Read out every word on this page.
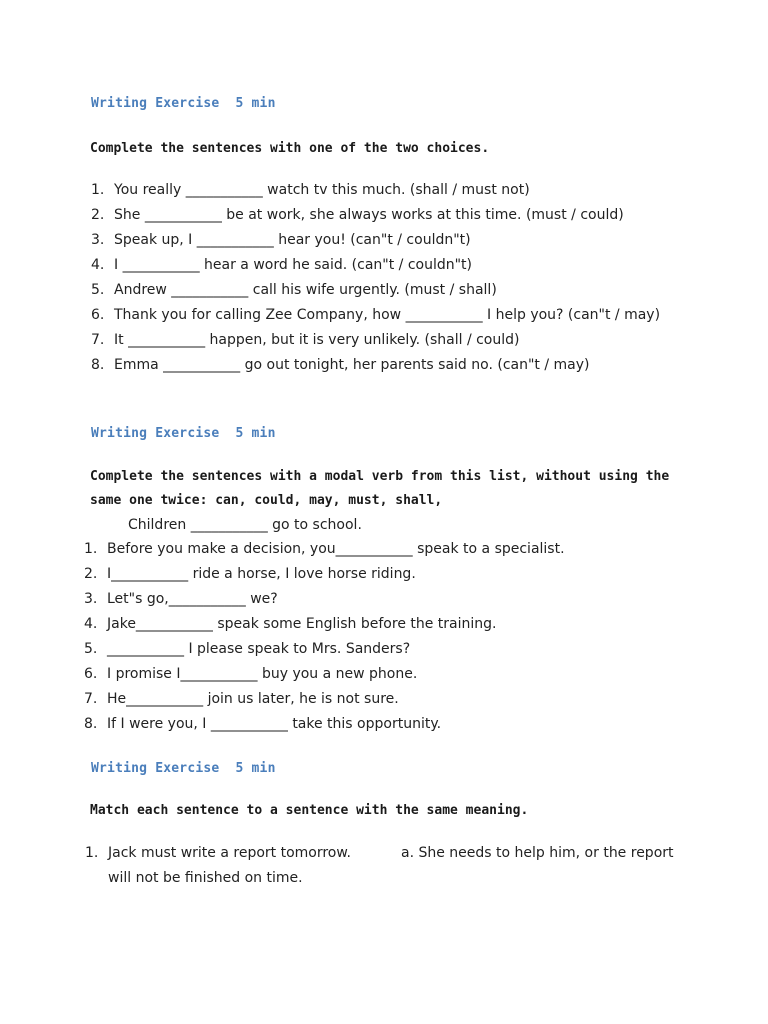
Writing Exercise  5 min
Complete the sentences with one of the two choices.
1. You really ___________ watch tv this much. (shall / must not)
2. She ___________ be at work, she always works at this time. (must / could)
3. Speak up, I ___________ hear you! (can"t / couldn"t)
4. I ___________ hear a word he said. (can"t / couldn"t)
5. Andrew ___________ call his wife urgently. (must / shall)
6. Thank you for calling Zee Company, how ___________ I help you? (can"t / may)
7. It ___________ happen, but it is very unlikely. (shall / could)
8. Emma ___________ go out tonight, her parents said no. (can"t / may)
Writing Exercise  5 min
Complete the sentences with a modal verb from this list, without using the same one twice: can, could, may, must, shall,
Children ___________ go to school.
1. Before you make a decision, you___________ speak to a specialist.
2. I___________ ride a horse, I love horse riding.
3. Let"s go,___________ we?
4. Jake___________ speak some English before the training.
5. ___________ I please speak to Mrs. Sanders?
6. I promise I___________ buy you a new phone.
7. He___________ join us later, he is not sure.
8. If I were you, I ___________ take this opportunity.
Writing Exercise  5 min
Match each sentence to a sentence with the same meaning.
1. Jack must write a report tomorrow.	a. She needs to help him, or the report
will not be finished on time.
